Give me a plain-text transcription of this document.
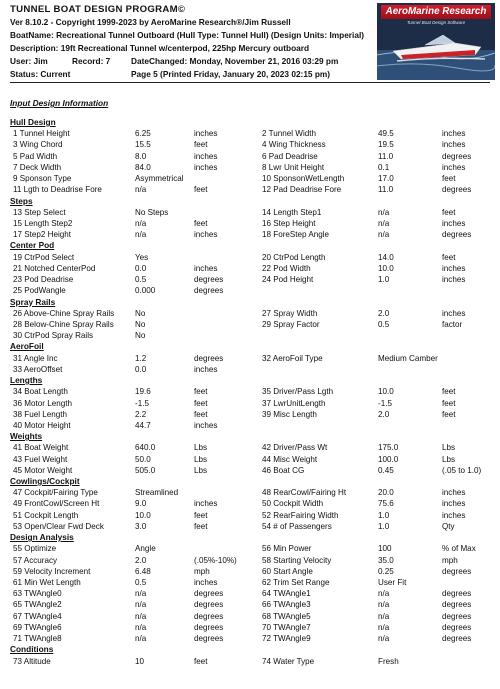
TUNNEL BOAT DESIGN PROGRAM©
Ver 8.10.2 - Copyright 1999-2023 by AeroMarine Research®/Jim Russell
BoatName: Recreational Tunnel Outboard (Hull Type: Tunnel Hull) (Design Units: Imperial)
Description: 19ft Recreational Tunnel w/centerpod, 225hp Mercury outboard
User: Jim	Record: 7 DateChanged: Monday, November 21, 2016 03:29 pm
Status: Current	Page 5 (Printed Friday, January 20, 2023 02:15 pm)
AeroMarine Research
Tunnel Boat Design Software
Input Design Information
Hull Design
1 Tunnel Height	6.25	inches	2 Tunnel Width	49.5	inches
3 Wing Chord	15.5	feet	4 Wing Thickness	19.5	inches
5 Pad Width	8.0	inches	6 Pad Deadrise	11.0	degrees
7 Deck Width	84.0	inches	8 Lwr Unit Height	0.1	inches
9 Sponson Type	Asymmetrical	10 SponsonWetLength	17.0	feet
11 Lgth to Deadrise Fore	n/a	feet	12 Pad Deadrise Fore	11.0	degrees
Steps
13 Step Select	No Steps	14 Length Step1	n/a	feet
15 Length Step2	n/a	feet	16 Step Height	n/a	inches
17 Step2 Height	n/a	inches	18 ForeStep Angle	n/a	degrees
Center Pod
19 CtrPod Select	Yes	20 CtrPod Length	14.0	feet
21 Notched CenterPod	0.0	inches	22 Pod Width	10.0	inches
23 Pod Deadrise	0.5	degrees	24 Pod Height	1.0	inches
25 PodWangle	0.000	degrees
Spray Rails
26 Above-Chine Spray Rails	No	27 Spray Width	2.0	inches
28 Below-Chine Spray Rails	No	29 Spray Factor	0.5	factor
30 CtrPod Spray Rails	No
AeroFoil
31 Angle Inc	1.2	degrees	32 AeroFoil Type	Medium Camber
33 AeroOffset	0.0	inches
Lengths
34 Boat Length	19.6	feet	35 Driver/Pass Lgth	10.0	feet
36 Motor Length	-1.5	feet	37 LwrUnitLength	-1.5	feet
38 Fuel Length	2.2	feet	39 Misc Length	2.0	feet
40 Motor Height	44.7	inches
Weights
41 Boat Weight	640.0	Lbs	42 Driver/Pass Wt	175.0	Lbs
43 Fuel Weight	50.0	Lbs	44 Misc Weight	100.0	Lbs
45 Motor Weight	505.0	Lbs	46 Boat CG	0.45	(.05 to 1.0)
Cowlings/Cockpit
47 Cockpit/Fairing Type	Streamlined	48 RearCowl/Fairing Ht	20.0	inches
49 FrontCowl/Screen Ht	9.0	inches	50 Cockpit Width	75.6	inches
51 Cockpit Length	10.0	feet	52 RearFairing Width	1.0	inches
53 Open/Clear Fwd Deck	3.0	feet	54 # of Passengers	1.0	Qty
Design Analysis
55 Optimize	Angle	56 Min Power	100	% of Max
57 Accuracy	2.0	(.05%-10%)	58 Starting Velocity	35.0	mph
59 Velocity Increment	6.48	mph	60 Start Angle	0.25	degrees
61 Min Wet Length	0.5	inches	62 Trim Set Range	User Fit
63 TWAngle0	n/a	degrees	64 TWAngle1	n/a	degrees
65 TWAngle2	n/a	degrees	66 TWAngle3	n/a	degrees
67 TWAngle4	n/a	degrees	68 TWAngle5	n/a	degrees
69 TWAngle6	n/a	degrees	70 TWAngle7	n/a	degrees
71 TWAngle8	n/a	degrees	72 TWAngle9	n/a	degrees
Conditions
73 Altitude	10	feet	74 Water Type	Fresh
